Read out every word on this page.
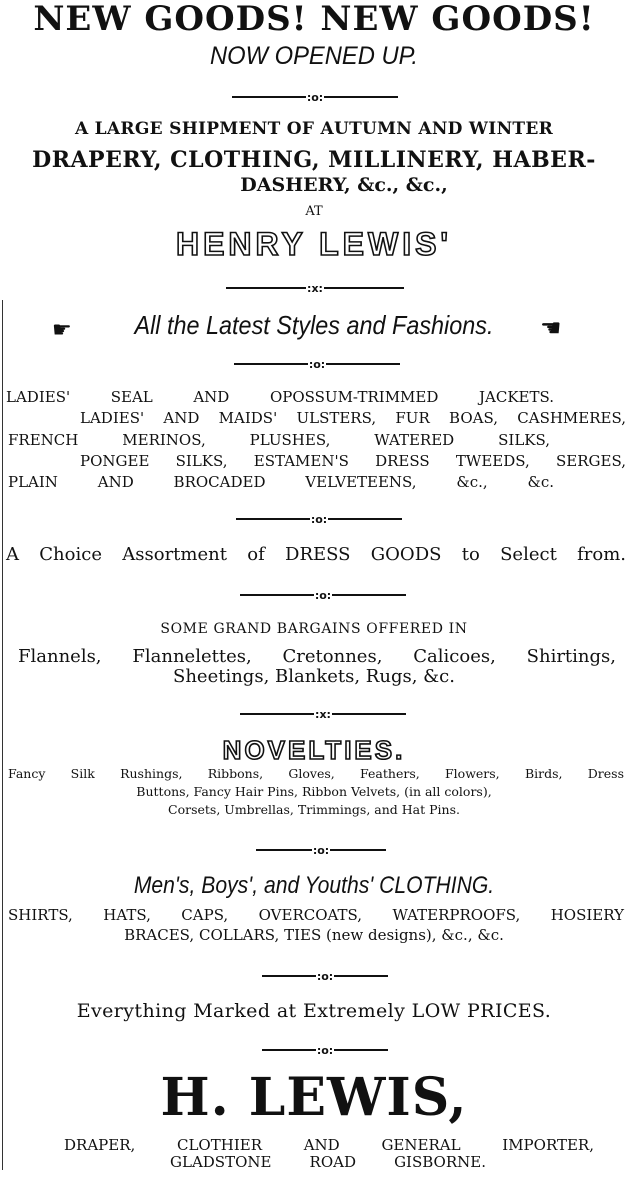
NEW GOODS! NEW GOODS!
NOW OPENED UP.
:o:
A LARGE SHIPMENT OF AUTUMN AND WINTER
DRAPERY, CLOTHING, MILLINERY, HABER-
DASHERY, &c., &c.,
AT
HENRY LEWIS'
:x:
☛	All the Latest Styles and Fashions.	☚
:o:
LADIES' SEAL AND OPOSSUM-TRIMMED JACKETS.
LADIES' AND MAIDS' ULSTERS, FUR BOAS, CASHMERES,
FRENCH MERINOS, PLUSHES, WATERED SILKS,
PONGEE SILKS, ESTAMEN'S DRESS TWEEDS, SERGES,
PLAIN AND BROCADED VELVETEENS, &c., &c.
:o:
A Choice Assortment of DRESS GOODS to Select from.
:o:
SOME GRAND BARGAINS OFFERED IN
Flannels, Flannelettes, Cretonnes, Calicoes, Shirtings,
Sheetings, Blankets, Rugs, &c.
:x:
NOVELTIES.
Fancy Silk Rushings, Ribbons, Gloves, Feathers, Flowers, Birds, Dress
Buttons, Fancy Hair Pins, Ribbon Velvets, (in all colors),
Corsets, Umbrellas, Trimmings, and Hat Pins.
:o:
Men's, Boys', and Youths' CLOTHING.
SHIRTS, HATS, CAPS, OVERCOATS, WATERPROOFS, HOSIERY
BRACES, COLLARS, TIES (new designs), &c., &c.
:o:
Everything Marked at Extremely LOW PRICES.
:o:
H. LEWIS,
DRAPER, CLOTHIER AND GENERAL IMPORTER,
GLADSTONE ROAD GISBORNE.
